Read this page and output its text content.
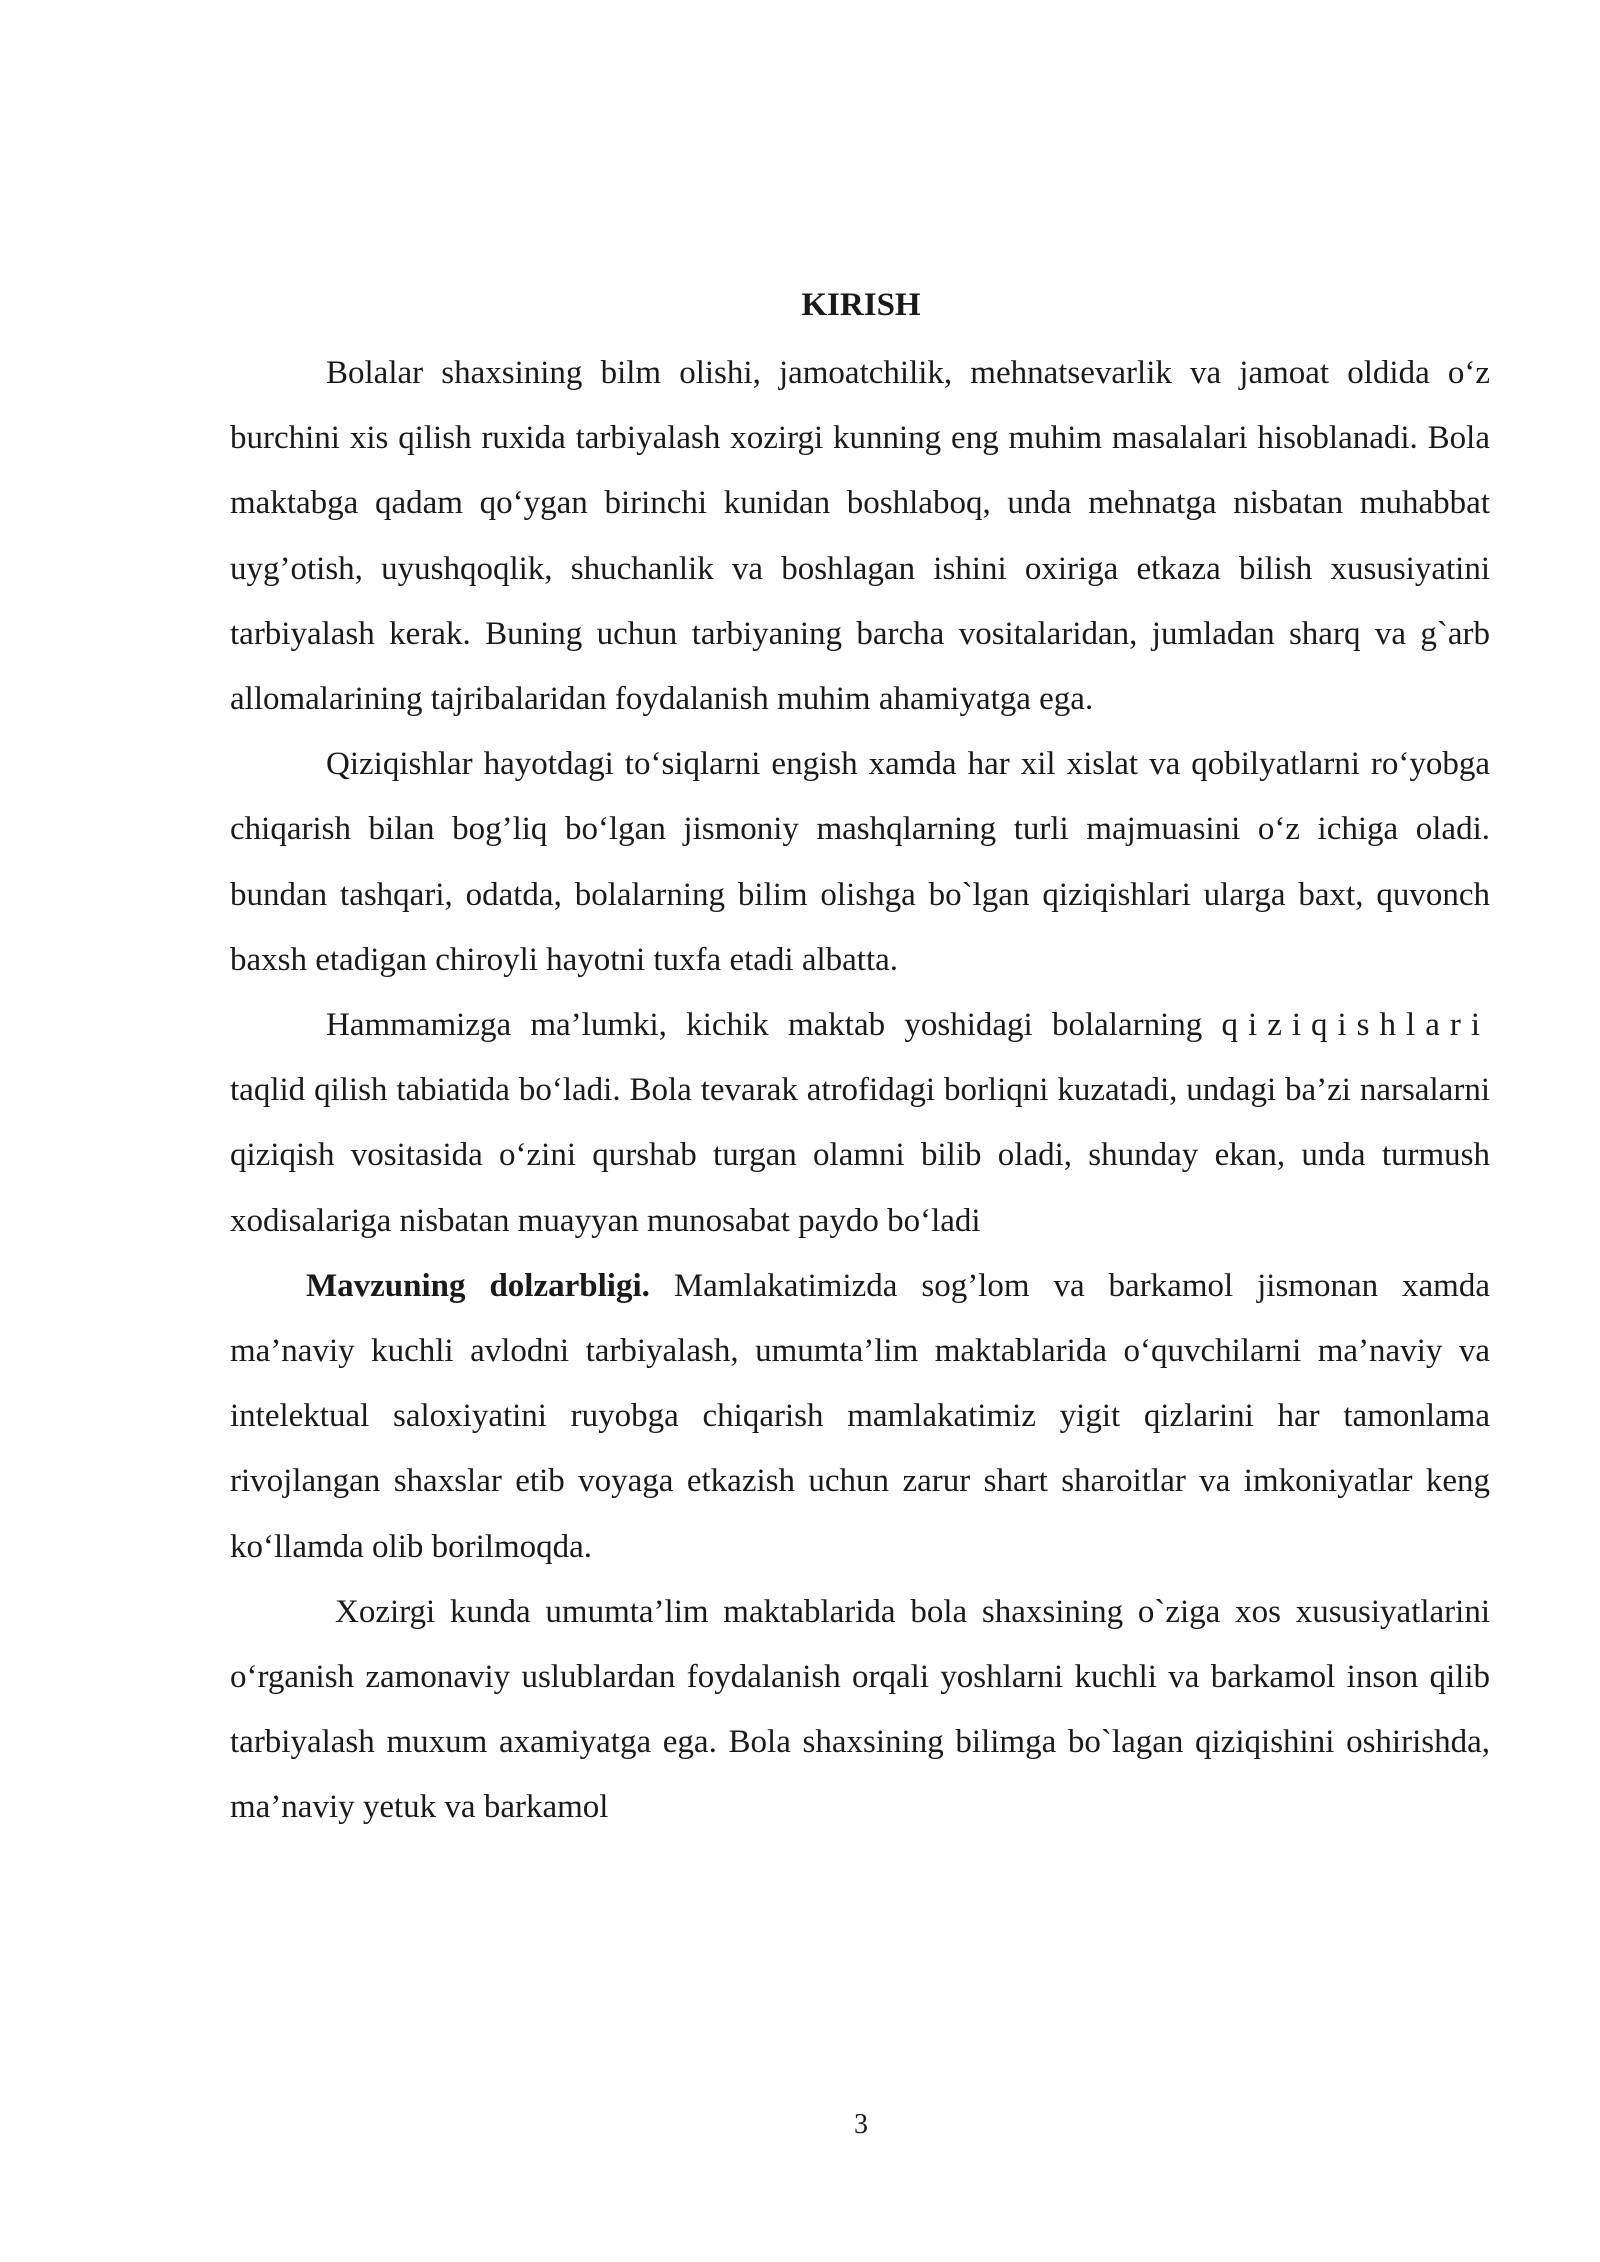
KIRISH

Bolalar shaxsining bilm olishi, jamoatchilik, mehnatsevarlik va jamoat oldida o‘z burchini xis qilish ruxida tarbiyalash xozirgi kunning eng muhim masalalari hisoblanadi. Bola maktabga qadam qo‘ygan birinchi kunidan boshlaboq, unda mehnatga nisbatan muhabbat uyg’otish, uyushqoqlik, shuchanlik va boshlagan ishini oxiriga etkaza bilish xususiyatini tarbiyalash kerak. Buning uchun tarbiyaning barcha vositalaridan, jumladan sharq va g`arb allomalarining tajribalaridan foydalanish muhim ahamiyatga ega.

Qiziqishlar hayotdagi to‘siqlarni engish xamda har xil xislat va qobilyatlarni ro‘yobga chiqarish bilan bog’liq bo‘lgan jismoniy mashqlarning turli majmuasini o‘z ichiga oladi. bundan tashqari, odatda, bolalarning bilim olishga bo`lgan qiziqishlari ularga baxt, quvonch baxsh etadigan chiroyli hayotni tuxfa etadi albatta.

Hammamizga ma’lumki, kichik maktab yoshidagi bolalarning qiziqishlari taqlid qilish tabiatida bo‘ladi. Bola tevarak atrofidagi borliqni kuzatadi, undagi ba’zi narsalarni qiziqish vositasida o‘zini qurshab turgan olamni bilib oladi, shunday ekan, unda turmush xodisalariga nisbatan muayyan munosabat paydo bo‘ladi

Mavzuning dolzarbligi. Mamlakatimizda sog’lom va barkamol jismonan xamda ma’naviy kuchli avlodni tarbiyalash, umumta’lim maktablarida o‘quvchilarni ma’naviy va intelektual saloxiyatini ruyobga chiqarish mamlakatimiz yigit qizlarini har tamonlama rivojlangan shaxslar etib voyaga etkazish uchun zarur shart sharoitlar va imkoniyatlar keng ko‘llamda olib borilmoqda.

Xozirgi kunda umumta’lim maktablarida bola shaxsining o`ziga xos xususiyatlarini o‘rganish zamonaviy uslublardan foydalanish orqali yoshlarni kuchli va barkamol inson qilib tarbiyalash muxum axamiyatga ega. Bola shaxsining bilimga bo`lagan qiziqishini oshirishda, ma’naviy yetuk va barkamol

3
